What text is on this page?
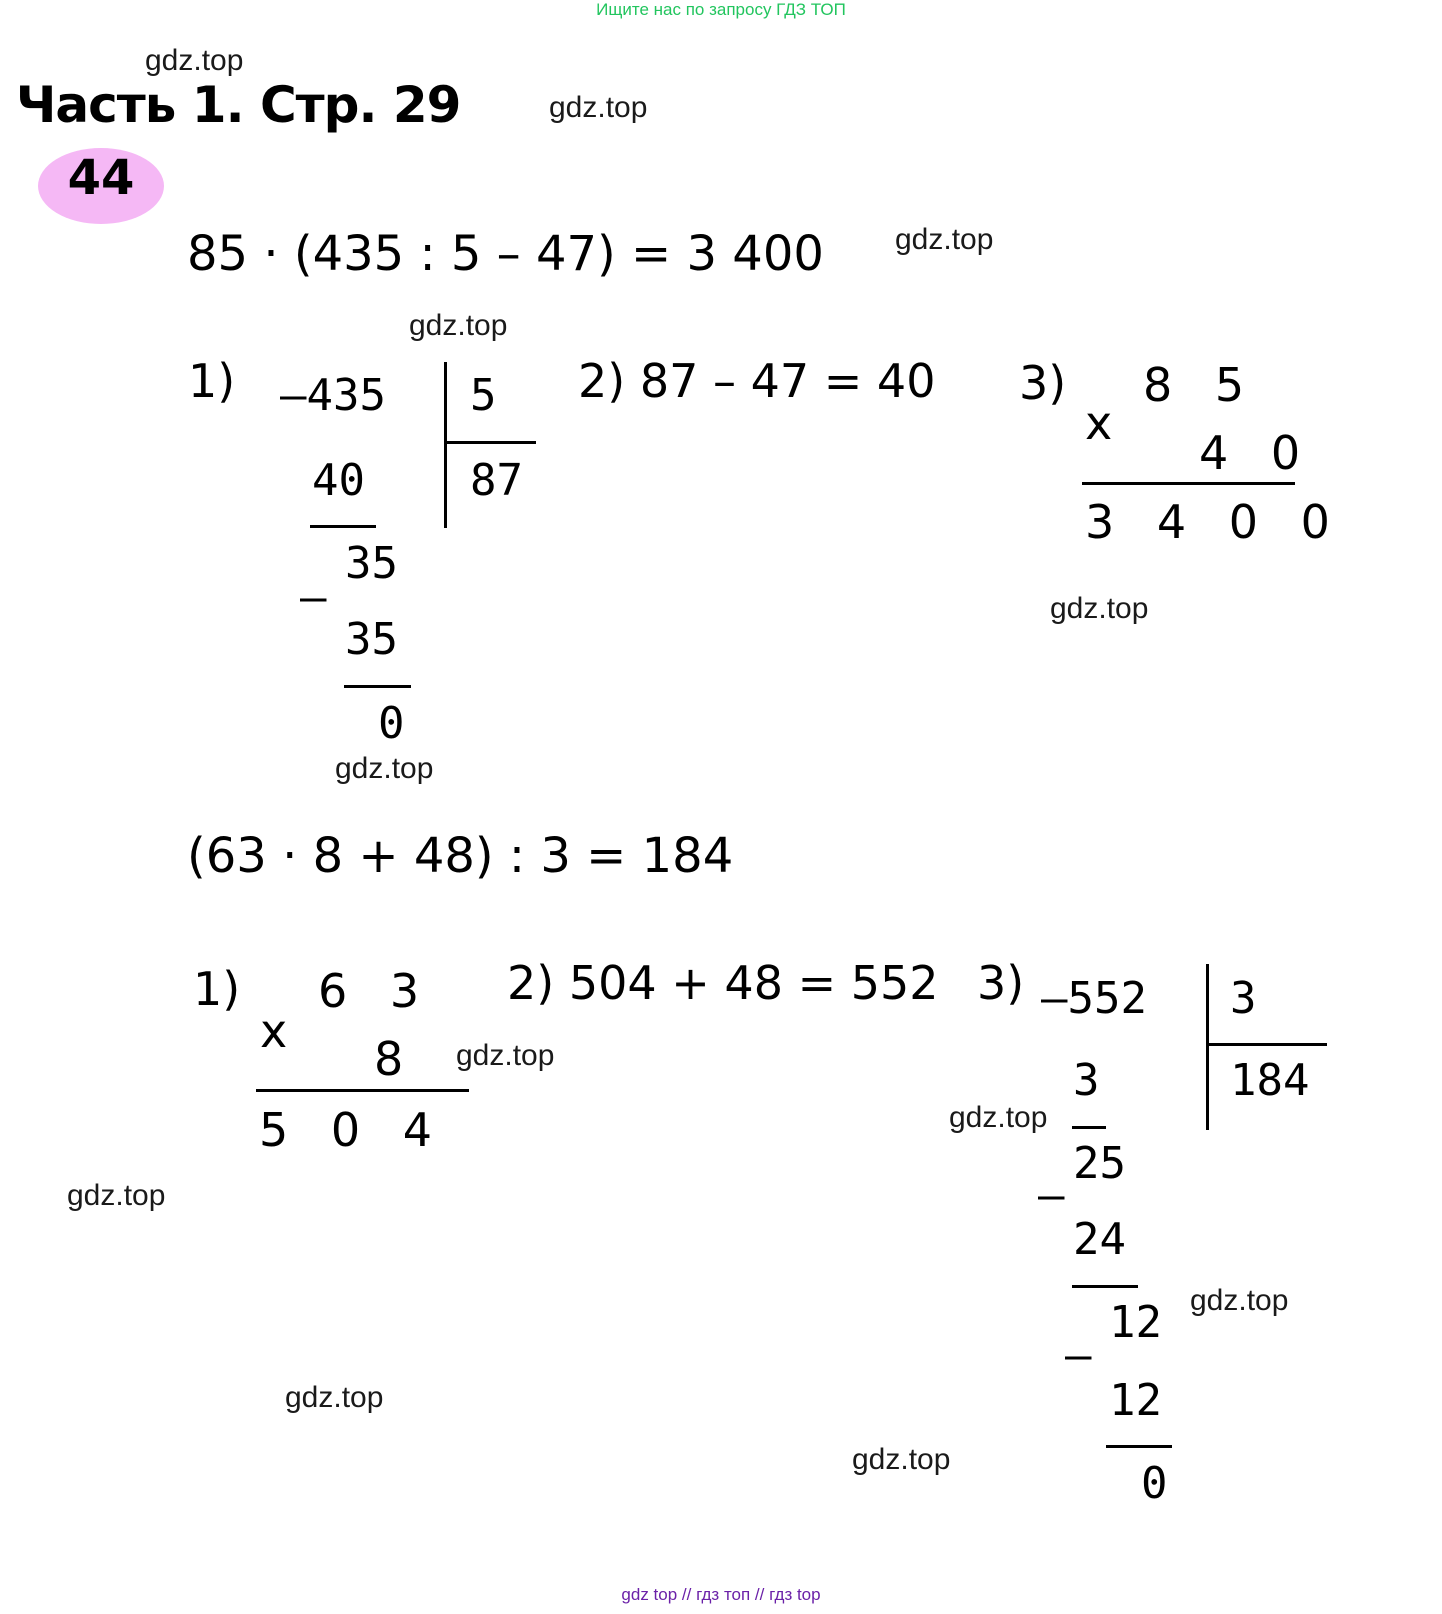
Ищите нас по запросу ГДЗ ТОП
gdz.top
gdz.top
gdz.top
gdz.top
gdz.top
gdz.top
gdz.top
gdz.top
gdz.top
gdz.top
gdz.top
gdz.top
Часть 1. Стр. 29
44
85 · (435 : 5 – 47) = 3 400
1) –435 5
87
40
35
–
35
0
2) 87 – 47 = 40 3)
x
8 5
4 0
3 4 0 0
(63 · 8 + 48) : 3 = 184
1)
x
6 3
8
5 0 4
2) 504 + 48 = 552 3) –552 3
184
3
25
–
24
12
–
12
0
gdz top // гдз топ // гдз top
